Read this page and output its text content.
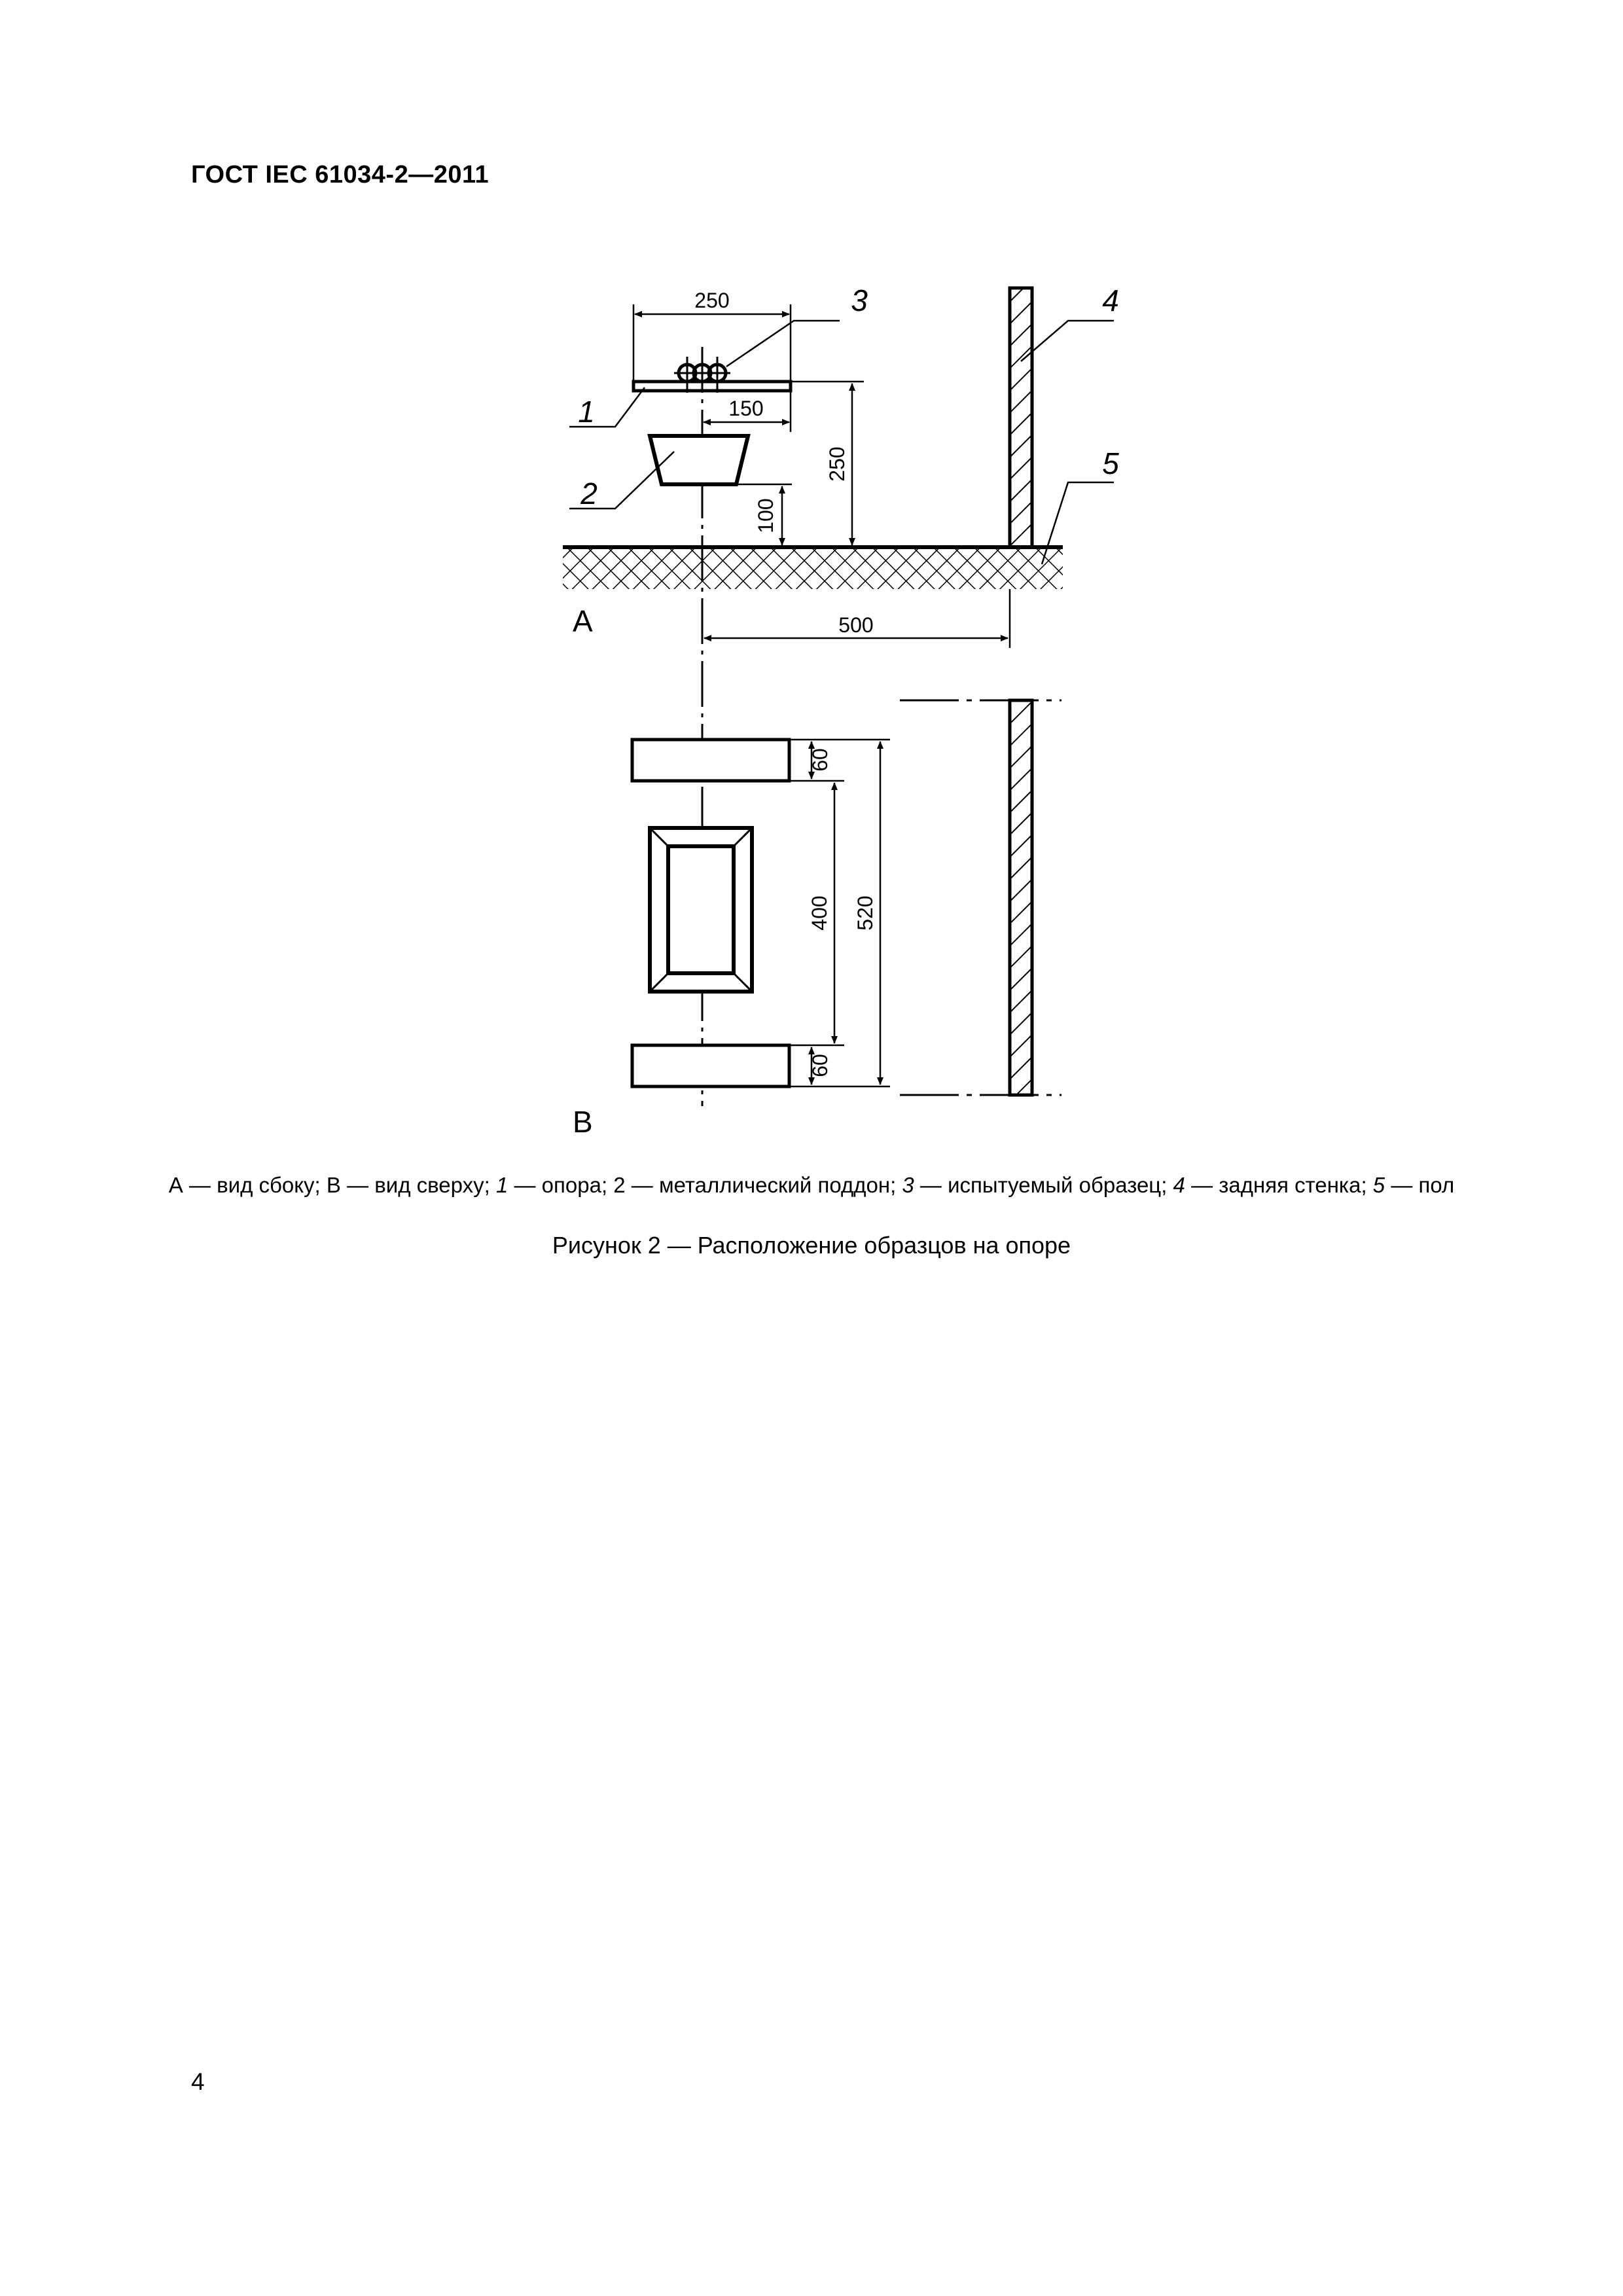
ГОСТ IEC 61034-2—2011
250
150
250
100
500
3	4
5
1
2
A
60
400 520
60
B
А — вид сбоку; В — вид сверху; 1 — опора; 2 — металлический поддон; 3 — испытуемый образец; 4 — задняя стенка; 5 — пол
Рисунок 2 — Расположение образцов на опоре
4
